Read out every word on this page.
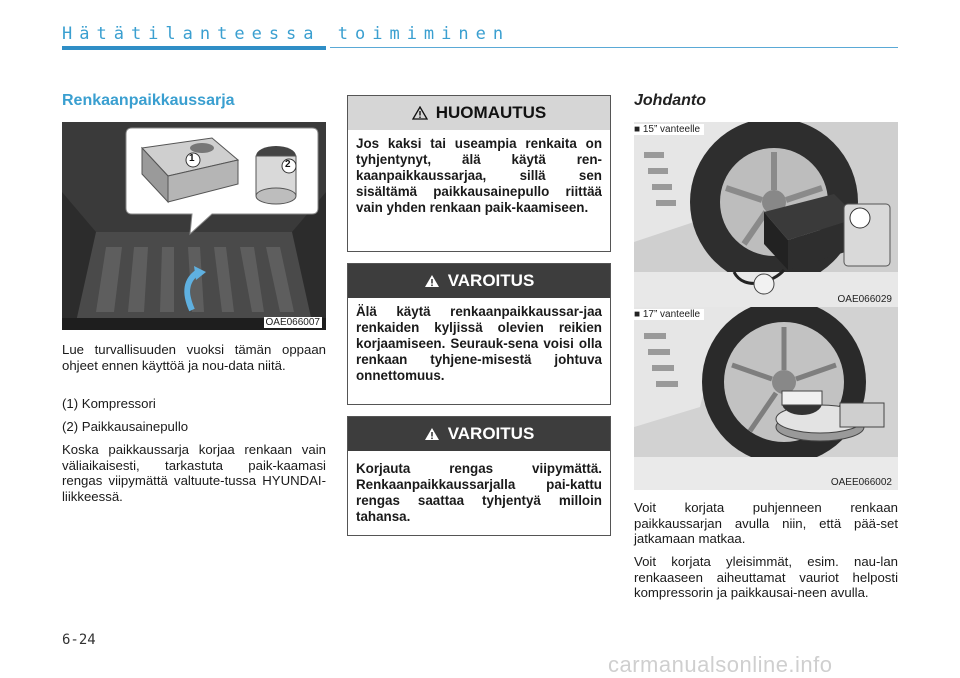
Hätätilanteessa toimiminen
Renkaanpaikkaussarja
1
2
OAE066007
Lue turvallisuuden vuoksi tämän oppaan ohjeet ennen käyttöä ja nou-data niitä.
(1) Kompressori
(2) Paikkausainepullo
Koska paikkaussarja korjaa renkaan vain väliaikaisesti, tarkastuta paik-kaamasi rengas viipymättä valtuute-tussa HYUNDAI-liikkeessä.
HUOMAUTUS
Jos kaksi tai useampia renkaita on tyhjentynyt, älä käytä ren-kaanpaikkaussarjaa, sillä sen sisältämä paikkausainepullo riittää vain yhden renkaan paik-kaamiseen.
VAROITUS
Älä käytä renkaanpaikkaussar-jaa renkaiden kyljissä olevien reikien korjaamiseen. Seurauk-sena voisi olla renkaan tyhjene-misestä johtuva onnettomuus.
VAROITUS
Korjauta rengas viipymättä. Renkaanpaikkaussarjalla pai-kattu rengas saattaa tyhjentyä milloin tahansa.
Johdanto
■ 15” vanteelle
OAE066029
■ 17” vanteelle
OAEE066002
Voit korjata puhjenneen renkaan paikkaussarjan avulla niin, että pää-set jatkamaan matkaa.
Voit korjata yleisimmät, esim. nau-lan renkaaseen aiheuttamat vauriot helposti kompressorin ja paikkausai-neen avulla.
6-24
carmanualsonline.info
